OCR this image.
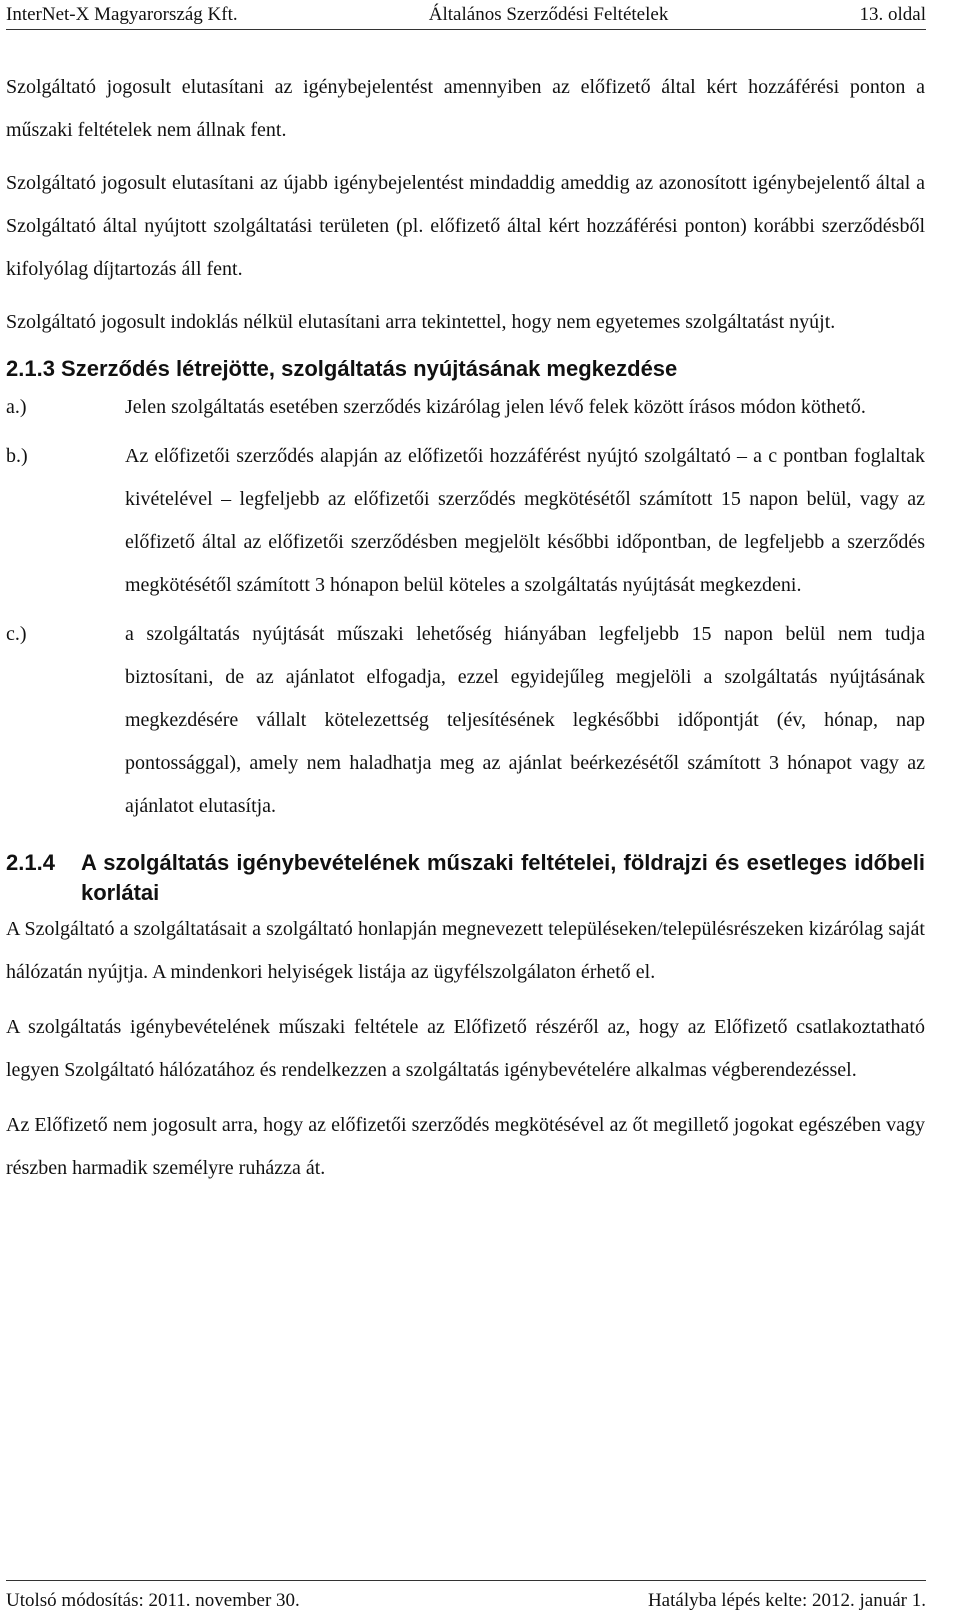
InterNet-X Magyarország Kft.	Általános Szerződési Feltételek	13. oldal

Szolgáltató jogosult elutasítani az igénybejelentést amennyiben az előfizető által kért hozzáférési ponton a műszaki feltételek nem állnak fent.

Szolgáltató jogosult elutasítani az újabb igénybejelentést mindaddig ameddig az azonosított igénybejelentő által a Szolgáltató által nyújtott szolgáltatási területen (pl. előfizető által kért hozzáférési ponton) korábbi szerződésből kifolyólag díjtartozás áll fent.

Szolgáltató jogosult indoklás nélkül elutasítani arra tekintettel, hogy nem egyetemes szolgáltatást nyújt.

2.1.3 Szerződés létrejötte, szolgáltatás nyújtásának megkezdése
a.)	Jelen szolgáltatás esetében szerződés kizárólag jelen lévő felek között írásos módon köthető.
b.)	Az előfizetői szerződés alapján az előfizetői hozzáférést nyújtó szolgáltató – a c pontban foglaltak kivételével – legfeljebb az előfizetői szerződés megkötésétől számított 15 napon belül, vagy az előfizető által az előfizetői szerződésben megjelölt későbbi időpontban, de legfeljebb a szerződés megkötésétől számított 3 hónapon belül köteles a szolgáltatás nyújtását megkezdeni.
c.)	a szolgáltatás nyújtását műszaki lehetőség hiányában legfeljebb 15 napon belül nem tudja biztosítani, de az ajánlatot elfogadja, ezzel egyidejűleg megjelöli a szolgáltatás nyújtásának megkezdésére vállalt kötelezettség teljesítésének legkésőbbi időpontját (év, hónap, nap pontossággal), amely nem haladhatja meg az ajánlat beérkezésétől számított 3 hónapot vagy az ajánlatot elutasítja.
2.1.4	A szolgáltatás igénybevételének műszaki feltételei, földrajzi és esetleges időbeli korlátai

A Szolgáltató a szolgáltatásait a szolgáltató honlapján megnevezett településeken/településrészeken kizárólag saját hálózatán nyújtja. A mindenkori helyiségek listája az ügyfélszolgálaton érhető el.

A szolgáltatás igénybevételének műszaki feltétele az Előfizető részéről az, hogy az Előfizető csatlakoztatható legyen Szolgáltató hálózatához és rendelkezzen a szolgáltatás igénybevételére alkalmas végberendezéssel.

Az Előfizető nem jogosult arra, hogy az előfizetői szerződés megkötésével az őt megillető jogokat egészében vagy részben harmadik személyre ruházza át.

Utolsó módosítás: 2011. november 30.	Hatályba lépés kelte: 2012. január 1.
